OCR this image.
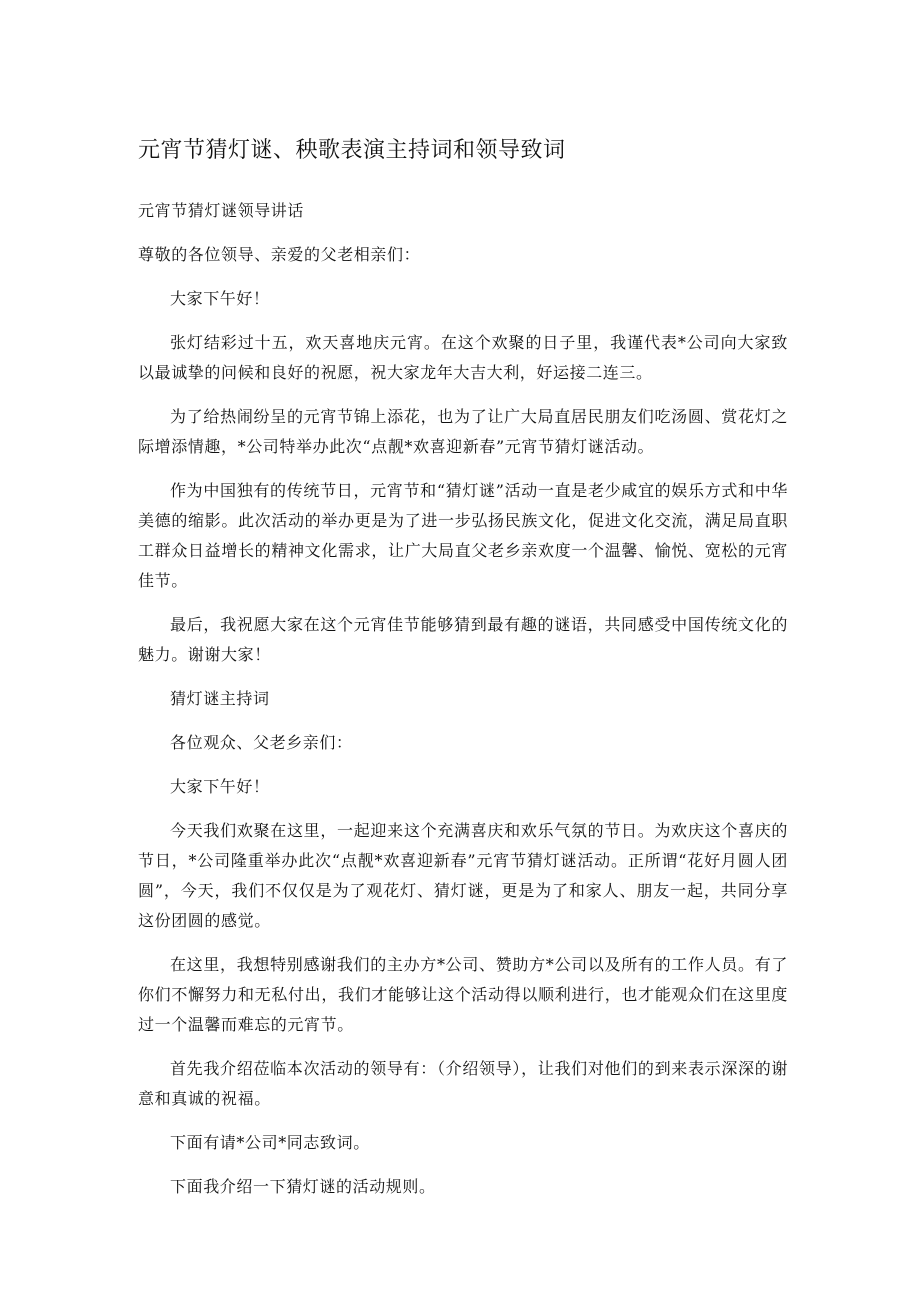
元宵节猜灯谜、秧歌表演主持词和领导致词

元宵节猜灯谜领导讲话

尊敬的各位领导、亲爱的父老相亲们：

大家下午好！

张灯结彩过十五，欢天喜地庆元宵。在这个欢聚的日子里，我谨代表*公司向大家致以最诚挚的问候和良好的祝愿，祝大家龙年大吉大利，好运接二连三。

为了给热闹纷呈的元宵节锦上添花，也为了让广大局直居民朋友们吃汤圆、赏花灯之际增添情趣，*公司特举办此次“点靓*欢喜迎新春”元宵节猜灯谜活动。

作为中国独有的传统节日，元宵节和“猜灯谜”活动一直是老少咸宜的娱乐方式和中华美德的缩影。此次活动的举办更是为了进一步弘扬民族文化，促进文化交流，满足局直职工群众日益增长的精神文化需求，让广大局直父老乡亲欢度一个温馨、愉悦、宽松的元宵佳节。

最后，我祝愿大家在这个元宵佳节能够猜到最有趣的谜语，共同感受中国传统文化的魅力。谢谢大家！

猜灯谜主持词

各位观众、父老乡亲们：

大家下午好！

今天我们欢聚在这里，一起迎来这个充满喜庆和欢乐气氛的节日。为欢庆这个喜庆的节日，*公司隆重举办此次“点靓*欢喜迎新春”元宵节猜灯谜活动。正所谓“花好月圆人团圆”，今天，我们不仅仅是为了观花灯、猜灯谜，更是为了和家人、朋友一起，共同分享这份团圆的感觉。

在这里，我想特别感谢我们的主办方*公司、赞助方*公司以及所有的工作人员。有了你们不懈努力和无私付出，我们才能够让这个活动得以顺利进行，也才能观众们在这里度过一个温馨而难忘的元宵节。

首先我介绍莅临本次活动的领导有：（介绍领导），让我们对他们的到来表示深深的谢意和真诚的祝福。

下面有请*公司*同志致词。

下面我介绍一下猜灯谜的活动规则。
